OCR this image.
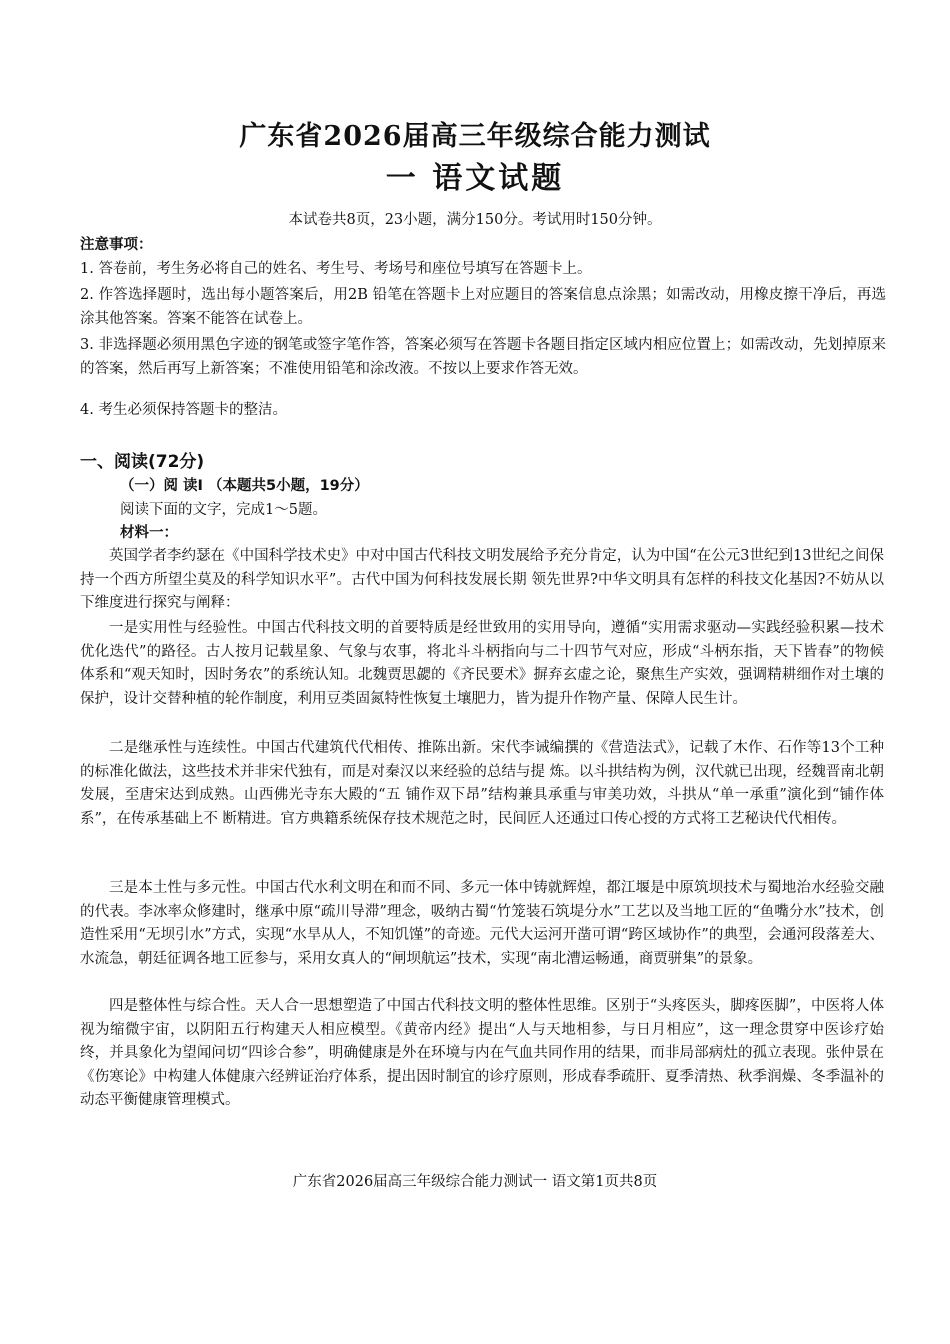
广东省2026届高三年级综合能力测试
一 语文试题
本试卷共8页，23小题，满分150分。考试用时150分钟。
注意事项：
1. 答卷前，考生务必将自己的姓名、考生号、考场号和座位号填写在答题卡上。
2. 作答选择题时，选出每小题答案后，用2B 铅笔在答题卡上对应题目的答案信息点涂黑；如需改动，用橡皮擦干净后，再选涂其他答案。答案不能答在试卷上。
3. 非选择题必须用黑色字迹的钢笔或签字笔作答，答案必须写在答题卡各题目指定区域内相应位置上；如需改动，先划掉原来的答案，然后再写上新答案；不准使用铅笔和涂改液。不按以上要求作答无效。
4. 考生必须保持答题卡的整洁。
一、阅读(72分)
（一）阅 读I （本题共5小题，19分）
阅读下面的文字，完成1～5题。
材料一：
英国学者李约瑟在《中国科学技术史》中对中国古代科技文明发展给予充分肯定，认为中国“在公元3世纪到13世纪之间保持一个西方所望尘莫及的科学知识水平”。古代中国为何科技发展长期 领先世界?中华文明具有怎样的科技文化基因?不妨从以下维度进行探究与阐释：
一是实用性与经验性。中国古代科技文明的首要特质是经世致用的实用导向，遵循“实用需求驱动—实践经验积累—技术优化迭代”的路径。古人按月记载星象、气象与农事，将北斗斗柄指向与二十四节气对应，形成“斗柄东指，天下皆春”的物候体系和“观天知时，因时务农”的系统认知。北魏贾思勰的《齐民要术》摒弃玄虚之论，聚焦生产实效，强调精耕细作对土壤的保护，设计交替种植的轮作制度，利用豆类固氮特性恢复土壤肥力，皆为提升作物产量、保障人民生计。
二是继承性与连续性。中国古代建筑代代相传、推陈出新。宋代李诫编撰的《营造法式》，记载了木作、石作等13个工种的标准化做法，这些技术并非宋代独有，而是对秦汉以来经验的总结与提 炼。以斗拱结构为例，汉代就已出现，经魏晋南北朝发展，至唐宋达到成熟。山西佛光寺东大殿的“五 铺作双下昂”结构兼具承重与审美功效，斗拱从“单一承重”演化到“铺作体系”，在传承基础上不 断精进。官方典籍系统保存技术规范之时，民间匠人还通过口传心授的方式将工艺秘诀代代相传。
三是本土性与多元性。中国古代水利文明在和而不同、多元一体中铸就辉煌，都江堰是中原筑坝技术与蜀地治水经验交融的代表。李冰率众修建时，继承中原“疏川导滞”理念，吸纳古蜀“竹笼装石筑堤分水”工艺以及当地工匠的“鱼嘴分水”技术，创造性采用“无坝引水”方式，实现“水旱从人，不知饥馑”的奇迹。元代大运河开凿可谓“跨区域协作”的典型，会通河段落差大、水流急，朝廷征调各地工匠参与，采用女真人的“闸坝航运”技术，实现“南北漕运畅通，商贾骈集”的景象。
四是整体性与综合性。天人合一思想塑造了中国古代科技文明的整体性思维。区别于“头疼医头，脚疼医脚”，中医将人体视为缩微宇宙，以阴阳五行构建天人相应模型。《黄帝内经》提出“人与天地相参，与日月相应”，这一理念贯穿中医诊疗始终，并具象化为望闻问切“四诊合参”，明确健康是外在环境与内在气血共同作用的结果，而非局部病灶的孤立表现。张仲景在《伤寒论》中构建人体健康六经辨证治疗体系，提出因时制宜的诊疗原则，形成春季疏肝、夏季清热、秋季润燥、冬季温补的动态平衡健康管理模式。
广东省2026届高三年级综合能力测试一 语文第1页共8页
